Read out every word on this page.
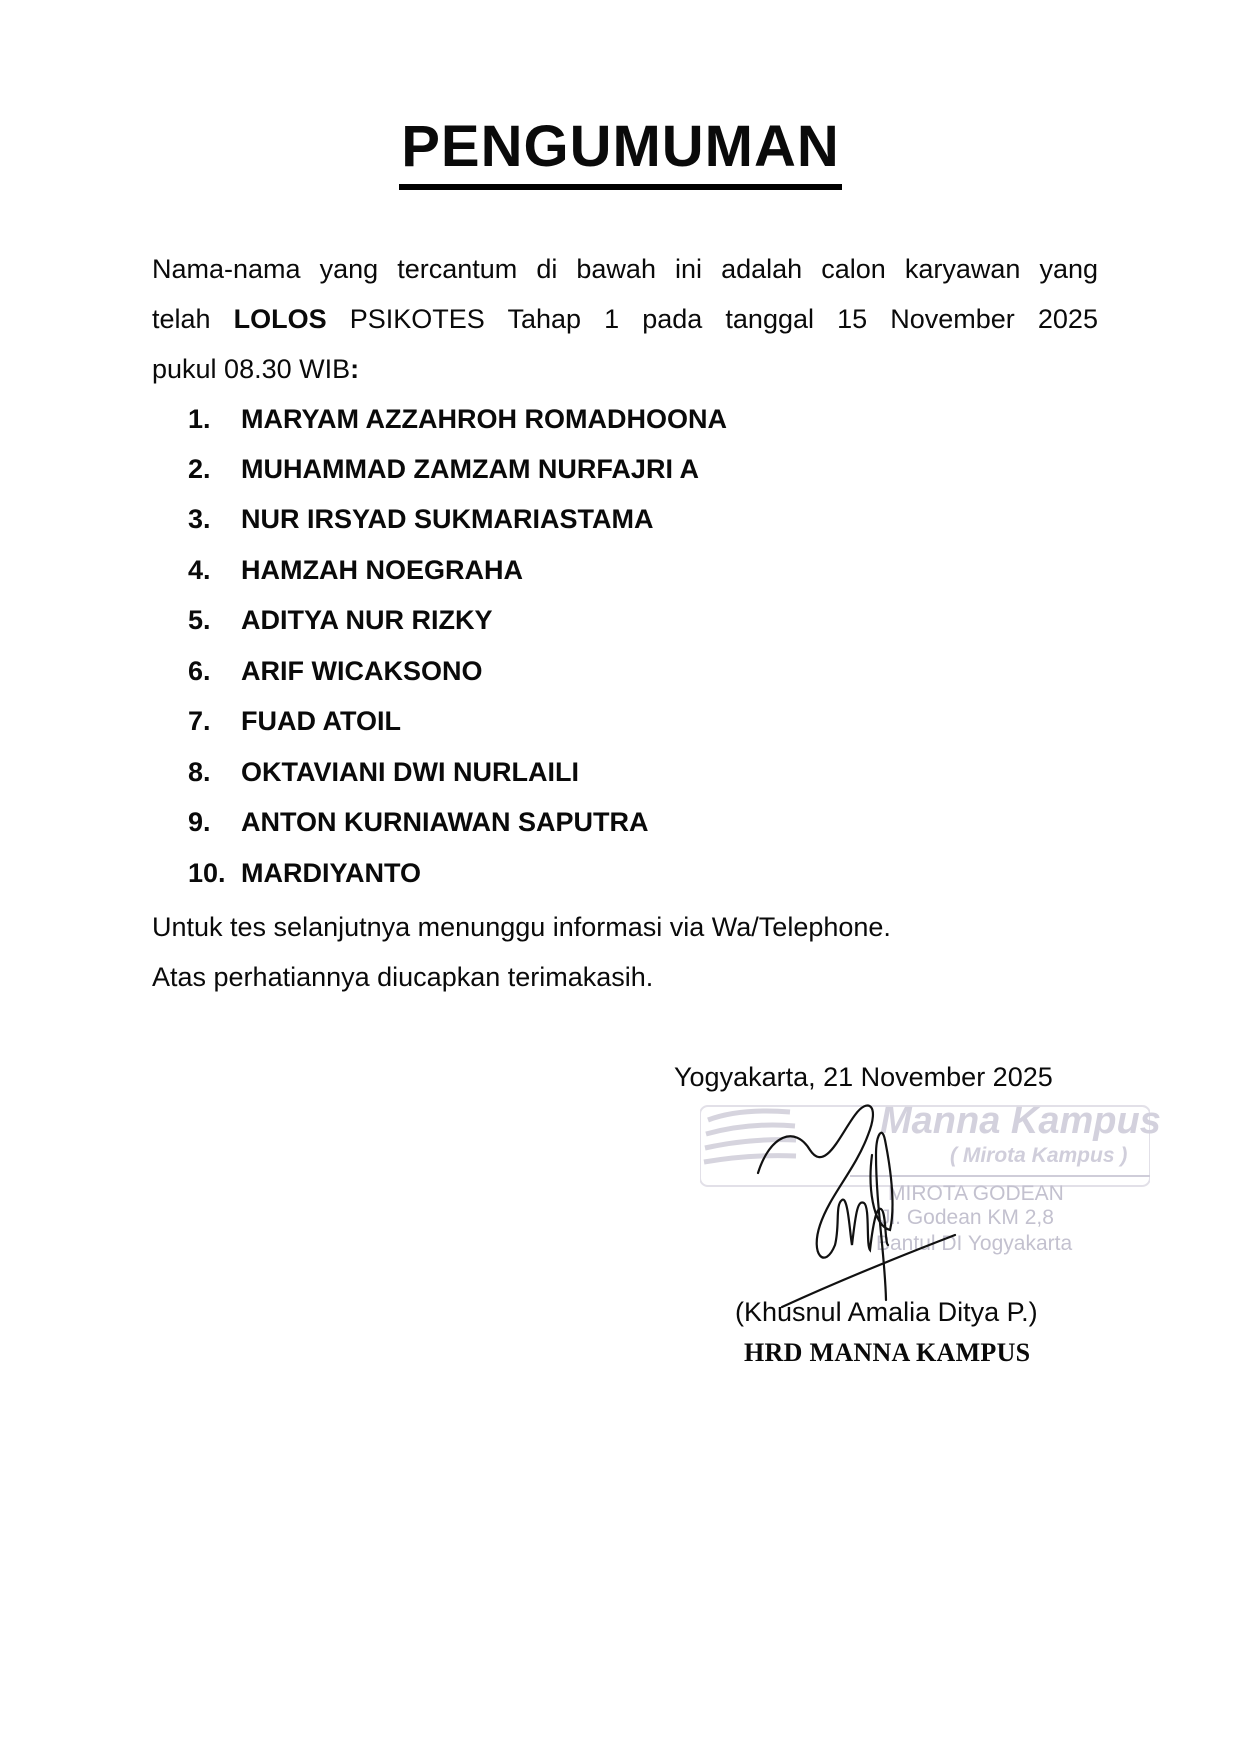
PENGUMUMAN
Nama-nama yang tercantum di bawah ini adalah calon karyawan yang
telah LOLOS PSIKOTES Tahap 1 pada tanggal 15 November 2025
pukul 08.30 WIB:
1. MARYAM AZZAHROH ROMADHOONA
2. MUHAMMAD ZAMZAM NURFAJRI A
3. NUR IRSYAD SUKMARIASTAMA
4. HAMZAH NOEGRAHA
5. ADITYA NUR RIZKY
6. ARIF WICAKSONO
7. FUAD ATOIL
8. OKTAVIANI DWI NURLAILI
9. ANTON KURNIAWAN SAPUTRA
10. MARDIYANTO
Untuk tes selanjutnya menunggu informasi via Wa/Telephone.
Atas perhatiannya diucapkan terimakasih.
Yogyakarta, 21 November 2025
Manna Kampus
( Mirota Kampus )
MIROTA GODEAN
Jl. Godean KM 2,8
Bantul DI Yogyakarta
(Khusnul Amalia Ditya P.)
HRD MANNA KAMPUS
